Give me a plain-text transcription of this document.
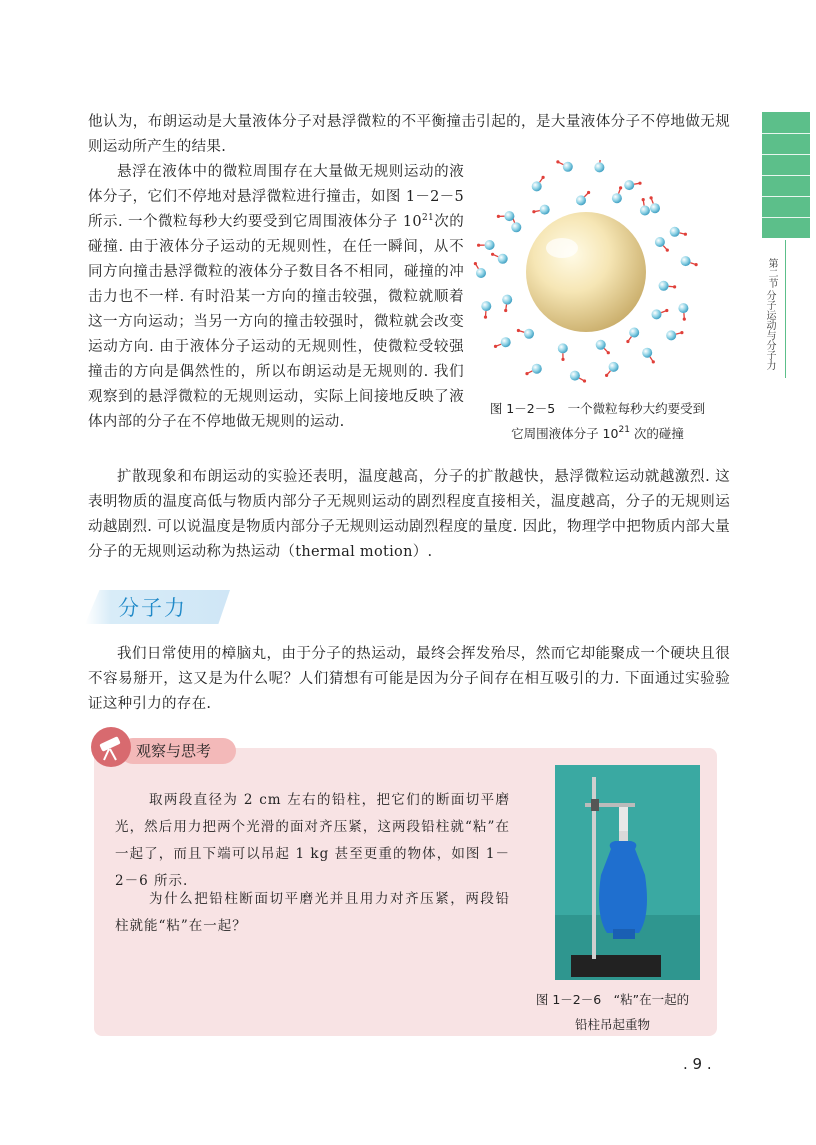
第二节
分子运动与分子力

他认为，布朗运动是大量液体分子对悬浮微粒的不平衡撞击引起的，是大量液体分子不停地做无规则运动所产生的结果.

悬浮在液体中的微粒周围存在大量做无规则运动的液体分子，它们不停地对悬浮微粒进行撞击，如图 1－2－5 所示. 一个微粒每秒大约要受到它周围液体分子 $10^{21}$次的碰撞. 由于液体分子运动的无规则性，在任一瞬间，从不同方向撞击悬浮微粒的液体分子数目各不相同，碰撞的冲击力也不一样. 有时沿某一方向的撞击较强，微粒就顺着这一方向运动；当另一方向的撞击较强时，微粒就会改变运动方向. 由于液体分子运动的无规则性，使微粒受较强撞击的方向是偶然性的，所以布朗运动是无规则的. 我们观察到的悬浮微粒的无规则运动，实际上间接地反映了液体内部的分子在不停地做无规则的运动.

图 1－2－5　一个微粒每秒大约要受到
它周围液体分子 $10^{21}$ 次的碰撞

扩散现象和布朗运动的实验还表明，温度越高，分子的扩散越快，悬浮微粒运动就越激烈. 这表明物质的温度高低与物质内部分子无规则运动的剧烈程度直接相关，温度越高，分子的无规则运动越剧烈. 可以说温度是物质内部分子无规则运动剧烈程度的量度. 因此，物理学中把物质内部大量分子的无规则运动称为热运动（thermal motion）.

分子力

我们日常使用的樟脑丸，由于分子的热运动，最终会挥发殆尽，然而它却能聚成一个硬块且很不容易掰开，这又是为什么呢？人们猜想有可能是因为分子间存在相互吸引的力. 下面通过实验验证这种引力的存在.

观察与思考

取两段直径为 2 cm 左右的铅柱，把它们的断面切平磨光，然后用力把两个光滑的面对齐压紧，这两段铅柱就“粘”在一起了，而且下端可以吊起 1 kg 甚至更重的物体，如图 1－2－6 所示.

为什么把铅柱断面切平磨光并且用力对齐压紧，两段铅柱就能“粘”在一起？

图 1－2－6　“粘”在一起的
铅柱吊起重物
. 9 .
